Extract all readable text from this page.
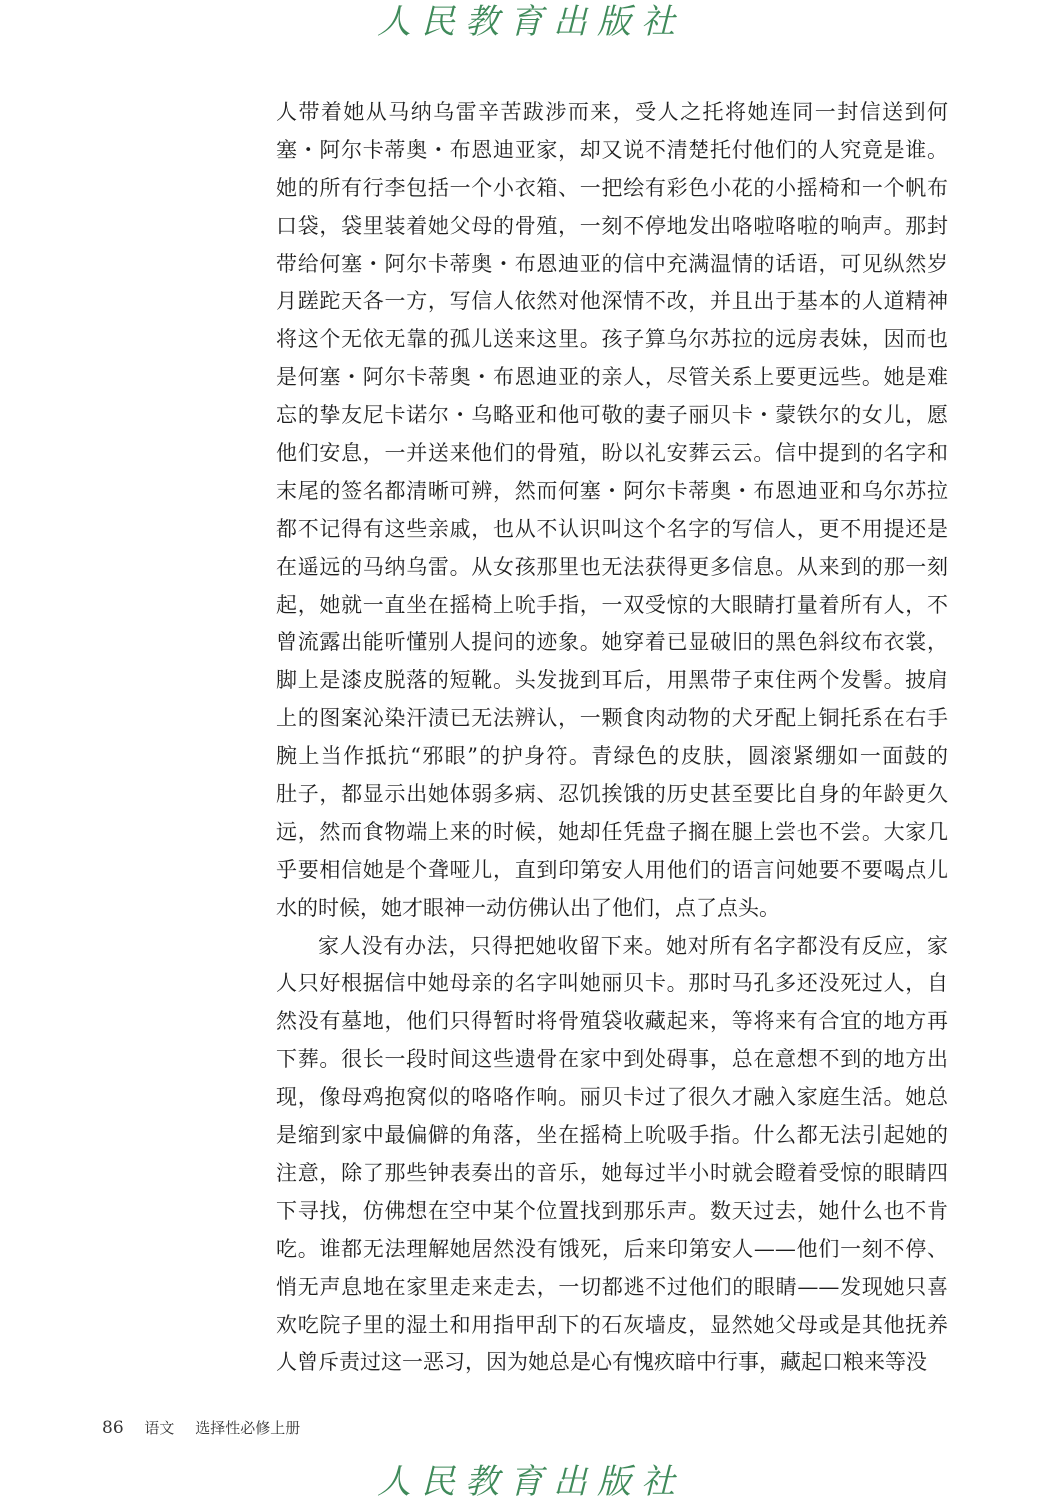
人民教育出版社
人带着她从马纳乌雷辛苦跋涉而来，受人之托将她连同一封信送到何
塞・阿尔卡蒂奥・布恩迪亚家，却又说不清楚托付他们的人究竟是谁。
她的所有行李包括一个小衣箱、一把绘有彩色小花的小摇椅和一个帆布
口袋，袋里装着她父母的骨殖，一刻不停地发出咯啦咯啦的响声。那封
带给何塞・阿尔卡蒂奥・布恩迪亚的信中充满温情的话语，可见纵然岁
月蹉跎天各一方，写信人依然对他深情不改，并且出于基本的人道精神
将这个无依无靠的孤儿送来这里。孩子算乌尔苏拉的远房表妹，因而也
是何塞・阿尔卡蒂奥・布恩迪亚的亲人，尽管关系上要更远些。她是难
忘的挚友尼卡诺尔・乌略亚和他可敬的妻子丽贝卡・蒙铁尔的女儿，愿
他们安息，一并送来他们的骨殖，盼以礼安葬云云。信中提到的名字和
末尾的签名都清晰可辨，然而何塞・阿尔卡蒂奥・布恩迪亚和乌尔苏拉
都不记得有这些亲戚，也从不认识叫这个名字的写信人，更不用提还是
在遥远的马纳乌雷。从女孩那里也无法获得更多信息。从来到的那一刻
起，她就一直坐在摇椅上吮手指，一双受惊的大眼睛打量着所有人，不
曾流露出能听懂别人提问的迹象。她穿着已显破旧的黑色斜纹布衣裳，
脚上是漆皮脱落的短靴。头发拢到耳后，用黑带子束住两个发髻。披肩
上的图案沁染汗渍已无法辨认，一颗食肉动物的犬牙配上铜托系在右手
腕上当作抵抗“邪眼”的护身符。青绿色的皮肤，圆滚紧绷如一面鼓的
肚子，都显示出她体弱多病、忍饥挨饿的历史甚至要比自身的年龄更久
远，然而食物端上来的时候，她却任凭盘子搁在腿上尝也不尝。大家几
乎要相信她是个聋哑儿，直到印第安人用他们的语言问她要不要喝点儿
水的时候，她才眼神一动仿佛认出了他们，点了点头。
家人没有办法，只得把她收留下来。她对所有名字都没有反应，家
人只好根据信中她母亲的名字叫她丽贝卡。那时马孔多还没死过人，自
然没有墓地，他们只得暂时将骨殖袋收藏起来，等将来有合宜的地方再
下葬。很长一段时间这些遗骨在家中到处碍事，总在意想不到的地方出
现，像母鸡抱窝似的咯咯作响。丽贝卡过了很久才融入家庭生活。她总
是缩到家中最偏僻的角落，坐在摇椅上吮吸手指。什么都无法引起她的
注意，除了那些钟表奏出的音乐，她每过半小时就会瞪着受惊的眼睛四
下寻找，仿佛想在空中某个位置找到那乐声。数天过去，她什么也不肯
吃。谁都无法理解她居然没有饿死，后来印第安人——他们一刻不停、
悄无声息地在家里走来走去，一切都逃不过他们的眼睛——发现她只喜
欢吃院子里的湿土和用指甲刮下的石灰墙皮，显然她父母或是其他抚养
人曾斥责过这一恶习，因为她总是心有愧疚暗中行事，藏起口粮来等没
86 语文 选择性必修上册
人民教育出版社
